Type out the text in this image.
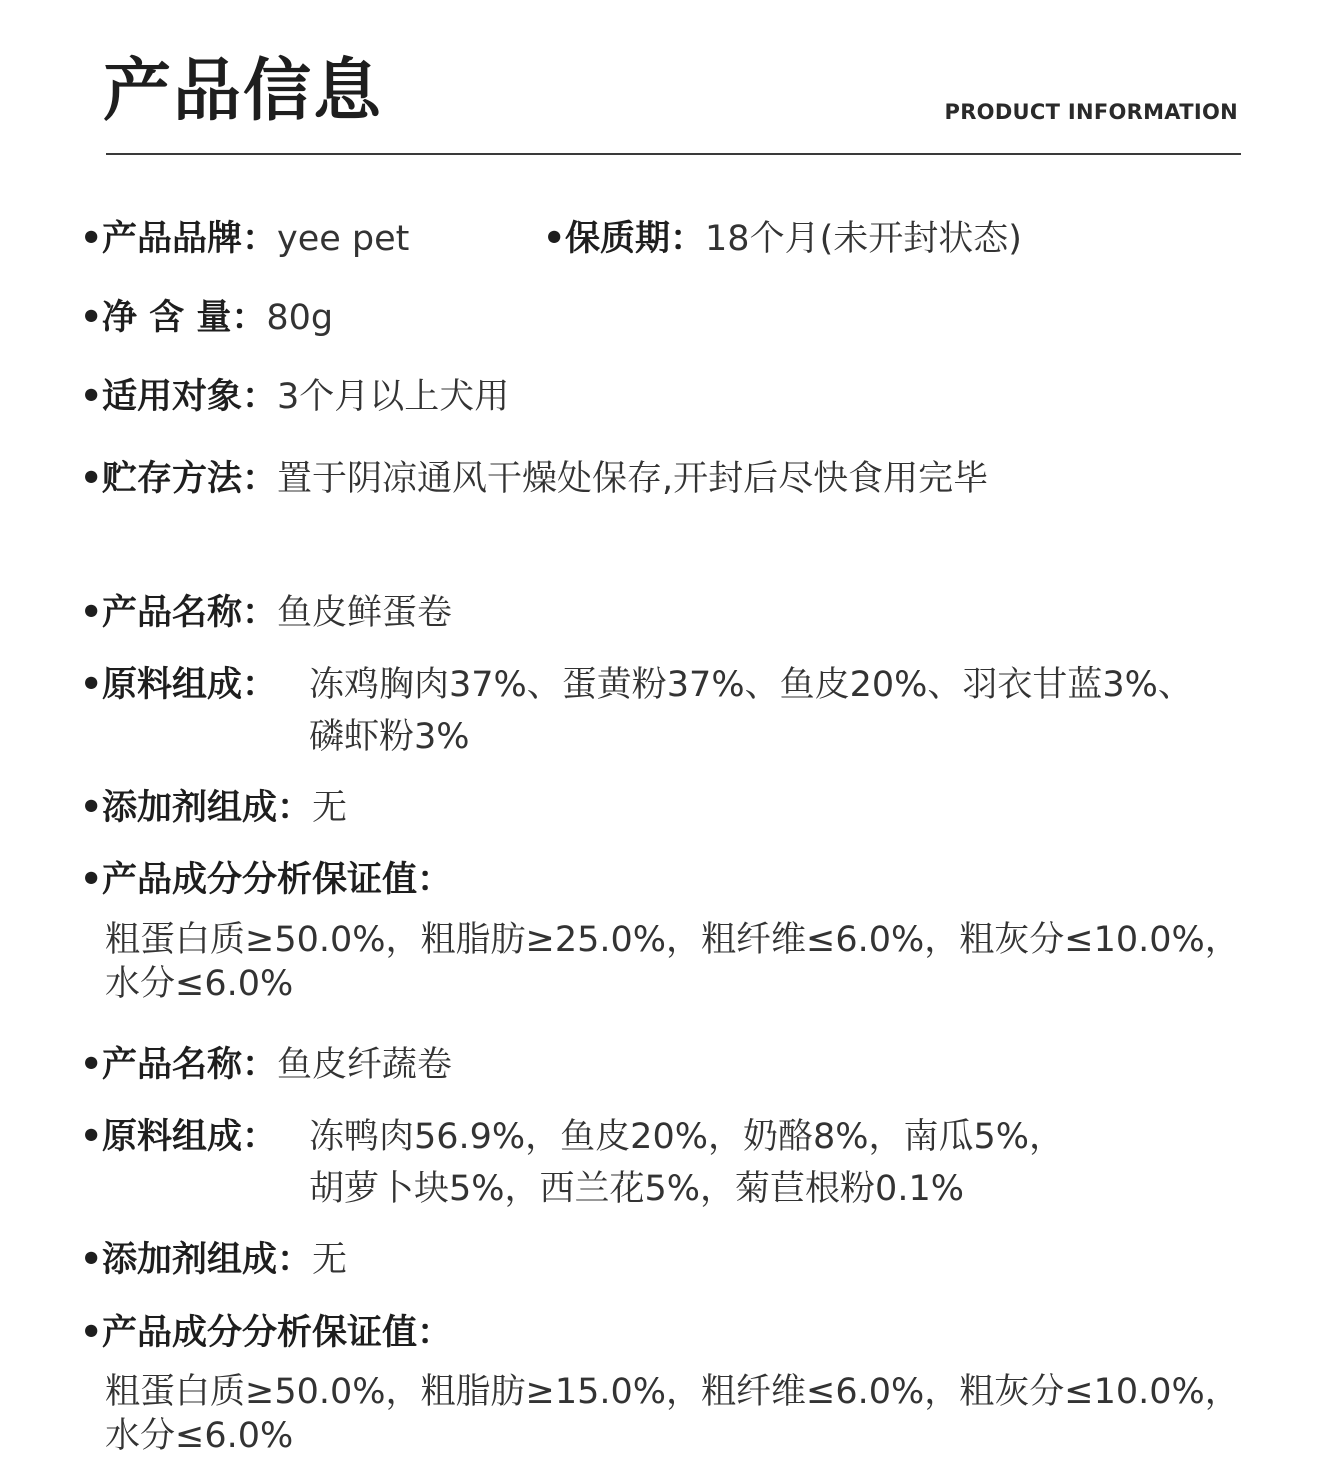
产品信息	PRODUCT INFORMATION
•产品品牌：yee pet	•保质期：18个月(未开封状态)
•净 含 量：80g
•适用对象：3个月以上犬用
•贮存方法：置于阴凉通风干燥处保存,开封后尽快食用完毕
•产品名称：鱼皮鲜蛋卷
•原料组成： 冻鸡胸肉37%、蛋黄粉37%、鱼皮20%、羽衣甘蓝3%、
磷虾粉3%
•添加剂组成：无
•产品成分分析保证值：
粗蛋白质≥50.0%，粗脂肪≥25.0%，粗纤维≤6.0%，粗灰分≤10.0%，
水分≤6.0%
•产品名称：鱼皮纤蔬卷
•原料组成： 冻鸭肉56.9%，鱼皮20%，奶酪8%，南瓜5%，
胡萝卜块5%，西兰花5%，菊苣根粉0.1%
•添加剂组成：无
•产品成分分析保证值：
粗蛋白质≥50.0%，粗脂肪≥15.0%，粗纤维≤6.0%，粗灰分≤10.0%，
水分≤6.0%
